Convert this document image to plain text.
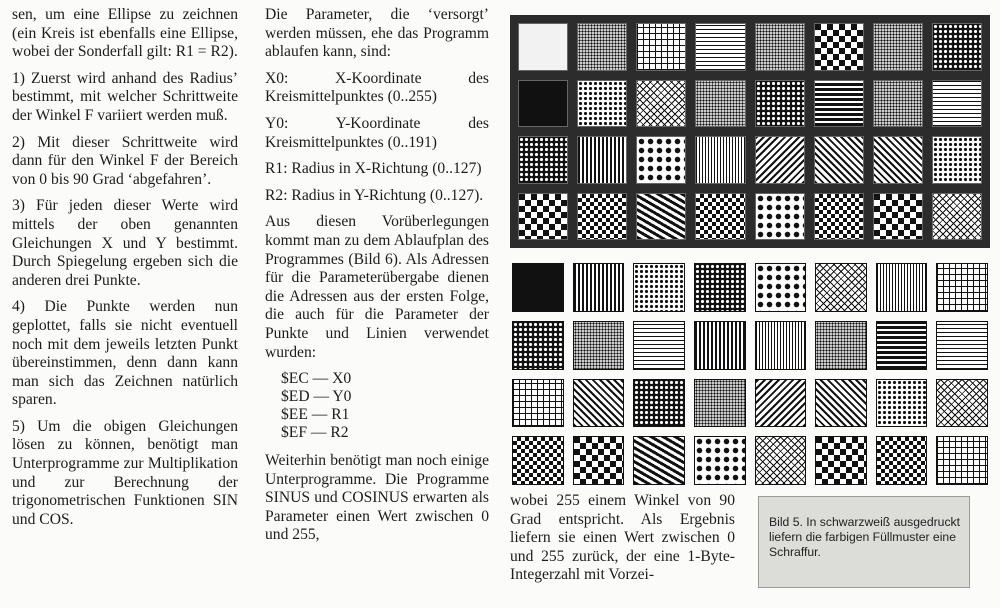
sen, um eine Ellipse zu zeichnen (ein Kreis ist ebenfalls eine Ellipse, wobei der Sonderfall gilt: R1 = R2).

1) Zuerst wird anhand des Radius’ bestimmt, mit welcher Schrittweite der Winkel F variiert werden muß.

2) Mit dieser Schrittweite wird dann für den Winkel F der Bereich von 0 bis 90 Grad ‘abgefahren’.

3) Für jeden dieser Werte wird mittels der oben genannten Gleichungen X und Y bestimmt. Durch Spiegelung ergeben sich die anderen drei Punkte.

4) Die Punkte werden nun geplottet, falls sie nicht eventuell noch mit dem jeweils letzten Punkt übereinstimmen, denn dann kann man sich das Zeichnen natürlich sparen.

5) Um die obigen Gleichungen lösen zu können, benötigt man Unterprogramme zur Multiplikation und zur Berechnung der trigonometrischen Funktionen SIN und COS.

Die Parameter, die ‘versorgt’ werden müssen, ehe das Programm ablaufen kann, sind:

X0: X-Koordinate des Kreismittelpunktes (0..255)

Y0: Y-Koordinate des Kreismittelpunktes (0..191)

R1: Radius in X-Richtung (0..127)

R2: Radius in Y-Richtung (0..127).

Aus diesen Vorüberlegungen kommt man zu dem Ablaufplan des Programmes (Bild 6). Als Adressen für die Parameterübergabe dienen die Adressen aus der ersten Folge, die auch für die Parameter der Punkte und Linien verwendet wurden:

$EC — X0
$ED — Y0
$EE — R1
$EF — R2

Weiterhin benötigt man noch einige Unterprogramme. Die Programme SINUS und COSINUS erwarten als Parameter einen Wert zwischen 0 und 255,

wobei 255 einem Winkel von 90 Grad entspricht. Als Ergebnis liefern sie einen Wert zwischen 0 und 255 zurück, der eine 1-Byte-Integerzahl mit Vorzei-

Bild 5. In schwarzweiß ausgedruckt liefern die farbigen Füllmuster eine Schraffur.
